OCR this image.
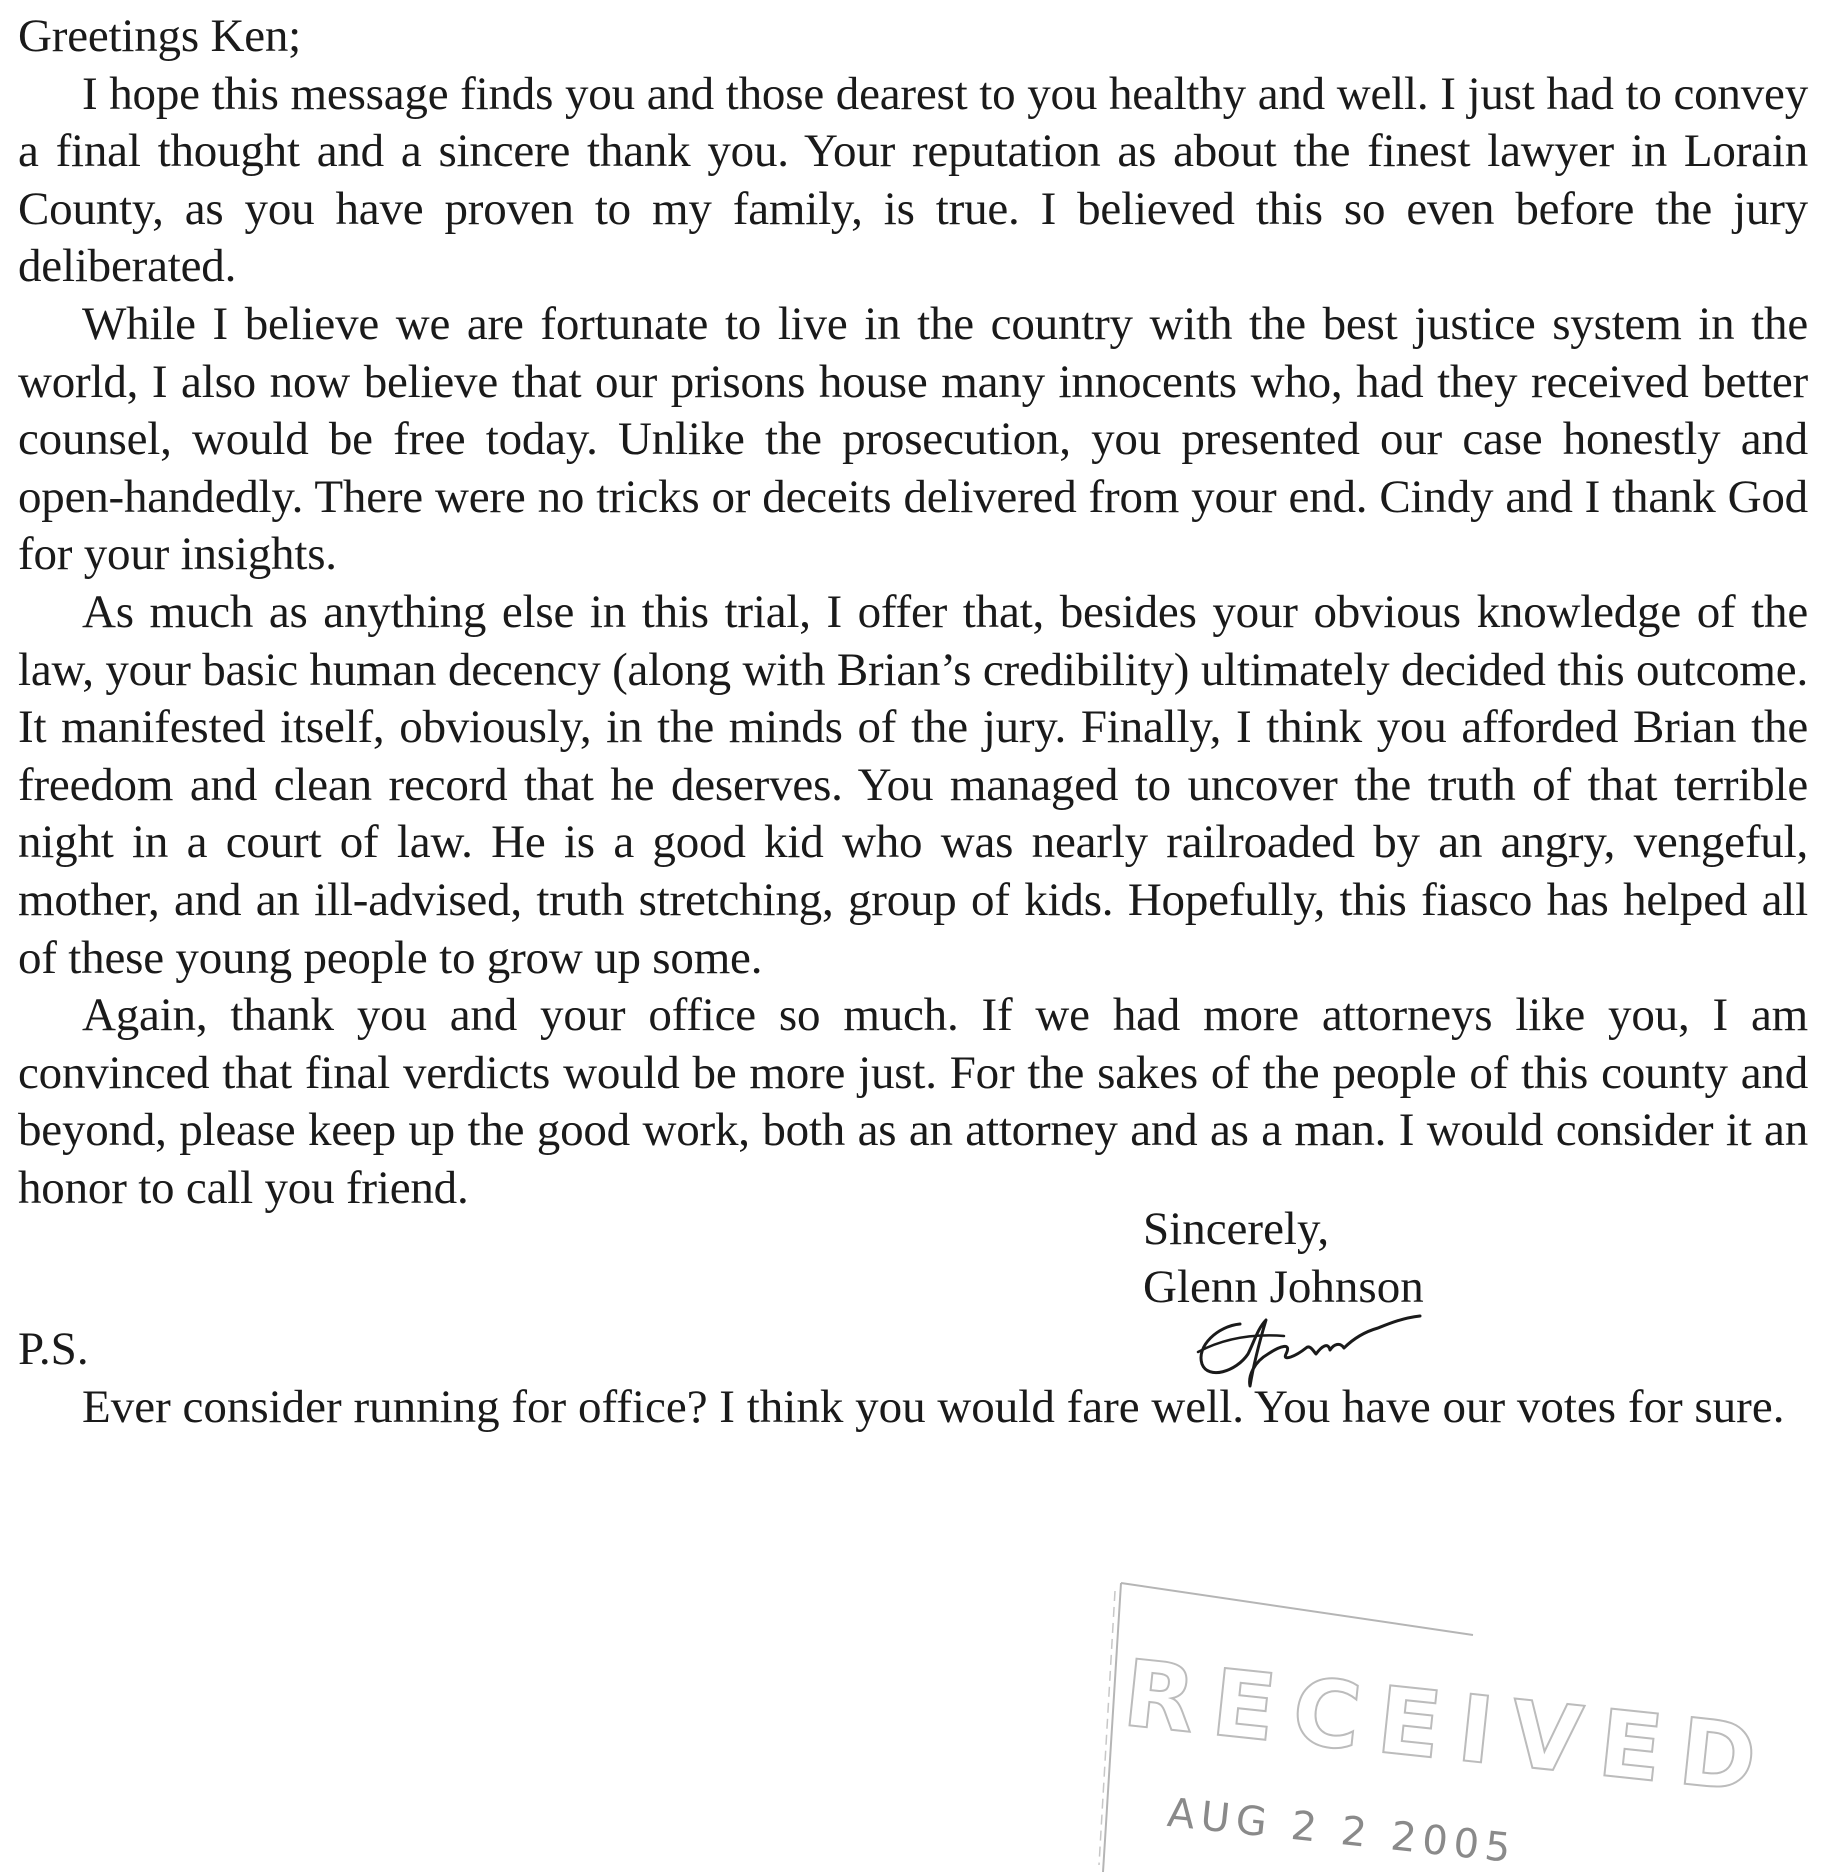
Greetings Ken;

I hope this message finds you and those dearest to you healthy and well. I just had to convey a final thought and a sincere thank you. Your reputation as about the finest lawyer in Lorain County, as you have proven to my family, is true. I believed this so even before the jury deliberated.

While I believe we are fortunate to live in the country with the best justice system in the world, I also now believe that our prisons house many innocents who, had they received better counsel, would be free today. Unlike the prosecution, you presented our case honestly and open-handedly. There were no tricks or deceits delivered from your end. Cindy and I thank God for your insights.

As much as anything else in this trial, I offer that, besides your obvious knowledge of the law, your basic human decency (along with Brian’s credibility) ultimately decided this outcome. It manifested itself, obviously, in the minds of the jury. Finally, I think you afforded Brian the freedom and clean record that he deserves. You managed to uncover the truth of that terrible night in a court of law. He is a good kid who was nearly railroaded by an angry, vengeful, mother, and an ill-advised, truth stretching, group of kids. Hopefully, this fiasco has helped all of these young people to grow up some.

Again, thank you and your office so much. If we had more attorneys like you, I am convinced that final verdicts would be more just. For the sakes of the people of this county and beyond, please keep up the good work, both as an attorney and as a man. I would consider it an honor to call you friend.

Sincerely,
Glenn Johnson
P.S.
Ever consider running for office? I think you would fare well. You have our votes for sure.
RECEIVED
AUG 2 2 2005
